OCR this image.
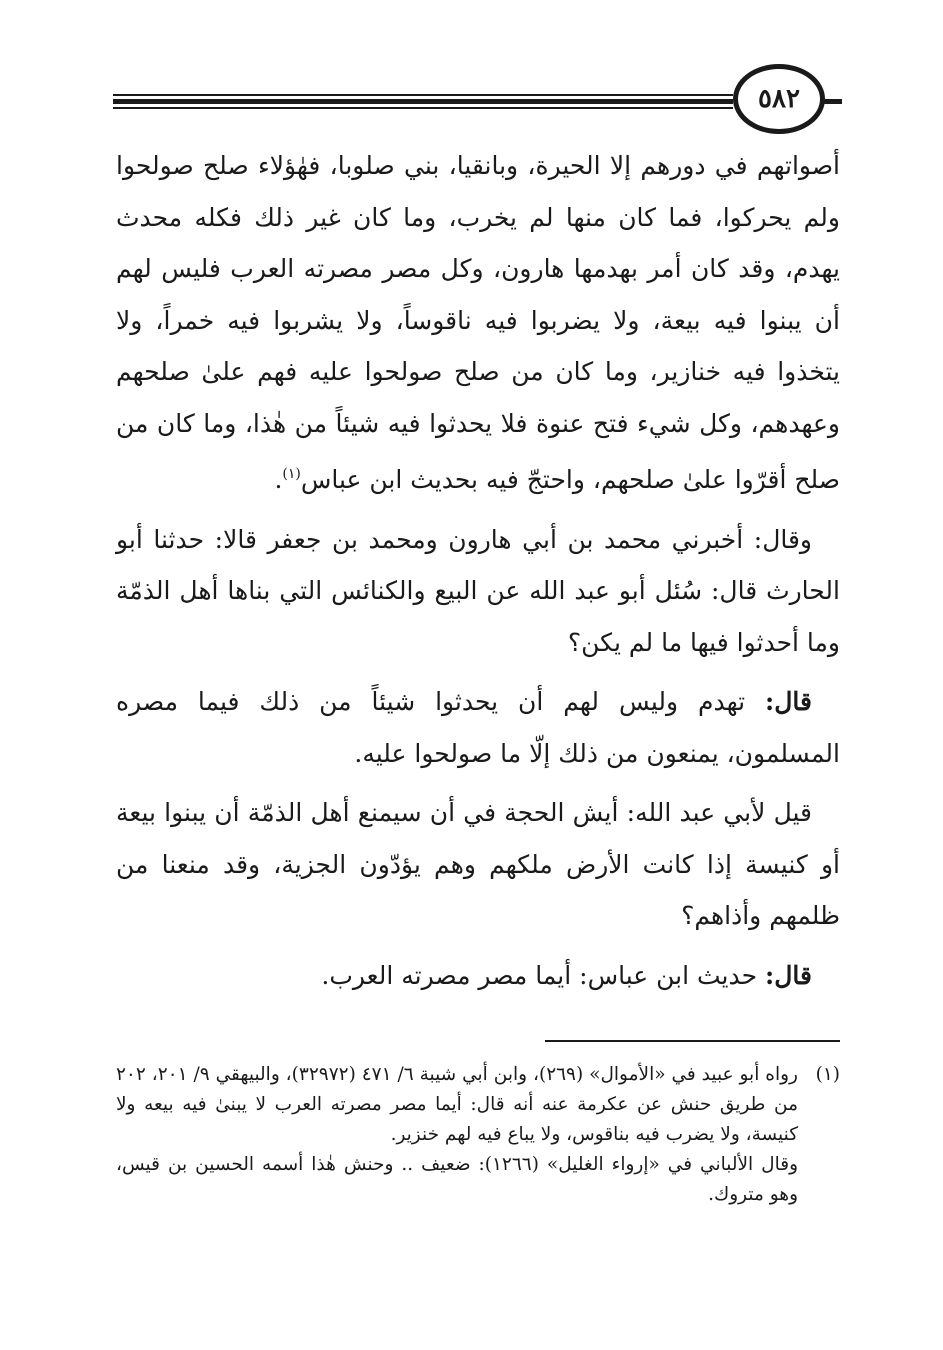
٥٨٢

أصواتهم في دورهم إلا الحيرة، وبانقيا، بني صلوبا، فهٰؤلاء صلح صولحوا ولم يحركوا، فما كان منها لم يخرب، وما كان غير ذلك فكله محدث يهدم، وقد كان أمر بهدمها هارون، وكل مصر مصرته العرب فليس لهم أن يبنوا فيه بيعة، ولا يضربوا فيه ناقوساً، ولا يشربوا فيه خمراً، ولا يتخذوا فيه خنازير، وما كان من صلح صولحوا عليه فهم علىٰ صلحهم وعهدهم، وكل شيء فتح عنوة فلا يحدثوا فيه شيئاً من هٰذا، وما كان من صلح أقرّوا علىٰ صلحهم، واحتجّ فيه بحديث ابن عباس$^{(١)}$.

وقال: أخبرني محمد بن أبي هارون ومحمد بن جعفر قالا: حدثنا أبو الحارث قال: سُئل أبو عبد الله عن البيع والكنائس التي بناها أهل الذمّة وما أحدثوا فيها ما لم يكن؟

قال: تهدم وليس لهم أن يحدثوا شيئاً من ذلك فيما مصره المسلمون، يمنعون من ذلك إلّا ما صولحوا عليه.

قيل لأبي عبد الله: أيش الحجة في أن سيمنع أهل الذمّة أن يبنوا بيعة أو كنيسة إذا كانت الأرض ملكهم وهم يؤدّون الجزية، وقد منعنا من ظلمهم وأذاهم؟

قال: حديث ابن عباس: أيما مصر مصرته العرب.

(١)
رواه أبو عبيد في «الأموال» (٢٦٩)، وابن أبي شيبة ٦/ ٤٧١ (٣٢٩٧٢)، والبيهقي ٩/ ٢٠١، ٢٠٢ من طريق حنش عن عكرمة عنه أنه قال: أيما مصر مصرته العرب لا يبنىٰ فيه بيعه ولا كنيسة، ولا يضرب فيه بناقوس، ولا يباع فيه لهم خنزير.

وقال الألباني في «إرواء الغليل» (١٢٦٦): ضعيف .. وحنش هٰذا أسمه الحسين بن قيس، وهو متروك.
